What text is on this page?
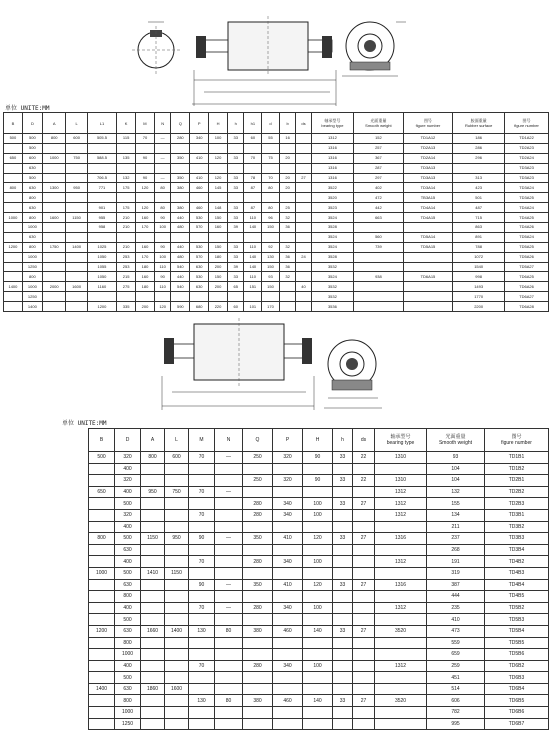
单位 UNITE:MM
B	D	A	L	L1	K	M	N	Q	P	H	h	h1	d	b	ds	轴承型号
bearing type	光面重量
Smooth weight	图号
figure number	胶面重量
Rubber surface	图号
figure number

500	500	800	600	505.5	115	70	—	280	340	100	33	60	55	16		1312	152	TD1A12	186	TD1A22
	500															1316	257	TD2A13	286	TD2A23
650	600	1000	750	588.5	135	90	—	350	410	120	33	70	75	20		1316	367	TD2A14	296	TD2A24
	630															1316	287	TD3A13		TD3A23
	500			706.5	132	90	—	350	410	120	33	78	70	20	27	1316	297	TD3A13	313	TD3A23
800	630	1300	950	771	175	120	80	380	460	145	33	87	80	20		3522	402	TD3A14	423	TD3A24
	800															3520	472	TB3A15	501	TD3A25
	630			901	175	120	80	380	460	148	33	87	80	25		3523	442	TD4A14	487	TD4A24
1000	800	1600	1150	955	210	160	90	440	530	150	33	110	96	32		3524	663	TD4A15	715	TD4A25
	1000			958	210	170	100	480	570	160	39	140	150	36		3528			863	TD4A26
	630															3524	560	TD5A14	891	TD5A24
1200	800	1750	1400	1025	210	160	90	440	530	150	33	110	92	32		3524	739	TD5A15	788	TD5A25
	1000			1050	253	170	100	480	570	180	33	140	130	36	24	3528			1072	TD5A26
	1250			1055	253	180	110	540	630	200	39	140	150	36		3532			1540	TD5A27
	800			1050	215	160	90	440	530	150	33	110	93	32		3524	938	TD6A15	998	TD6A25
1400	1000	2000	1600	1160	275	180	110	540	630	200	65	151	150		40	3532			1493	TD6A26
	1250															3532			1770	TD6A27
	1400			1200	335	200	120	590	680	220	60	101	170			3536			2200	TD6A28
单位 UNITE:MM
B	D	A	L	M	N	Q	P	H	h	ds	轴承型号
bearing type	光面重量
Smooth weight	图号
figure number

500	320	800	600	70	—	250	320	90	33	22	1310	93	TD1B1
	400											104	TD1B2
	320					250	320	90	33	22	1310	104	TD2B1
650	400	950	750	70	—						1312	132	TD2B2
	500					280	340	100	33	27	1312	155	TD2B3
	320			70		280	340	100			1312	134	TD3B1
	400											211	TD3B2
800	500	1150	950	90	—	350	410	120	33	27	1316	237	TD3B3
	630											268	TD3B4
	400			70		280	340	100			1312	191	TD4B2
1000	500	1410	1150									319	TD4B3
	630			90	—	350	410	120	33	27	1316	387	TD4B4
	800											444	TD4B5
	400			70	—	280	340	100			1312	235	TD5B2
	500											410	TD5B3
1200	630	1660	1400	130	80	380	460	140	33	27	3520	473	TD5B4
	800											559	TD5B5
	1000											659	TD5B6
	400			70		280	340	100			1312	259	TD6B2
	500											451	TD6B3
1400	630	1860	1600									514	TD6B4
	800			130	80	380	460	140	33	27	3520	606	TD6B5
	1000											782	TD6B6
	1250											995	TD6B7
